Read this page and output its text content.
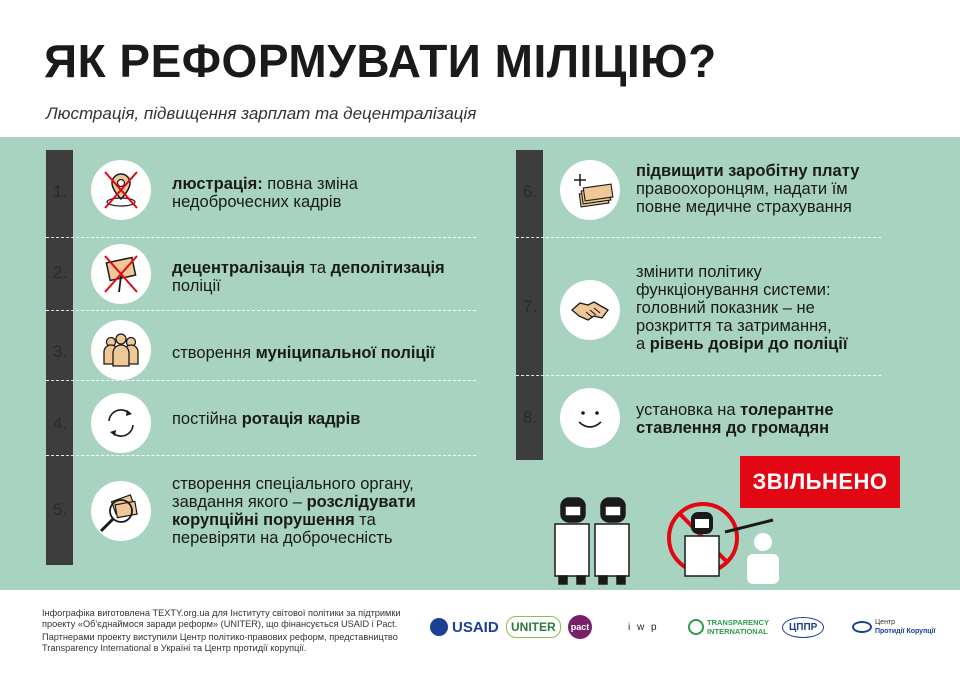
ЯК РЕФОРМУВАТИ МІЛІЦІЮ?
Люстрація, підвищення зарплат та децентралізація
1.	люстрація: повна зміна
недоброчесних кадрів
2.	децентралізація та деполітизація
поліції
3.	створення муніципальної поліції
4.	постійна ротація кадрів
5.
створення спеціального органу,
завдання якого – розслідувати
корупційні порушення та
перевіряти на доброчесність
6.
підвищити заробітну плату
правоохоронцям, надати їм
повне медичне страхування
7.
змінити політику
функціонування системи:
головний показник – не
розкриття та затримання,
а рівень довіри до поліції
8.	установка на толерантне
ставлення до громадян
ЗВІЛЬНЕНО
Інфографіка виготовлена TEXTY.org.ua для Інституту світової політики за підтримки проекту «Об'єднаймося заради реформ» (UNITER), що фінансується USAID і Pact.
Партнерами проекту виступили Центр політико-правових реформ, представництво Transparency International в Україні та Центр протидії корупції.
USAID	UNITER	pact	i w p	TRANSPARENCY INTERNATIONAL	ЦППР	Центр
Протидії Корупції
